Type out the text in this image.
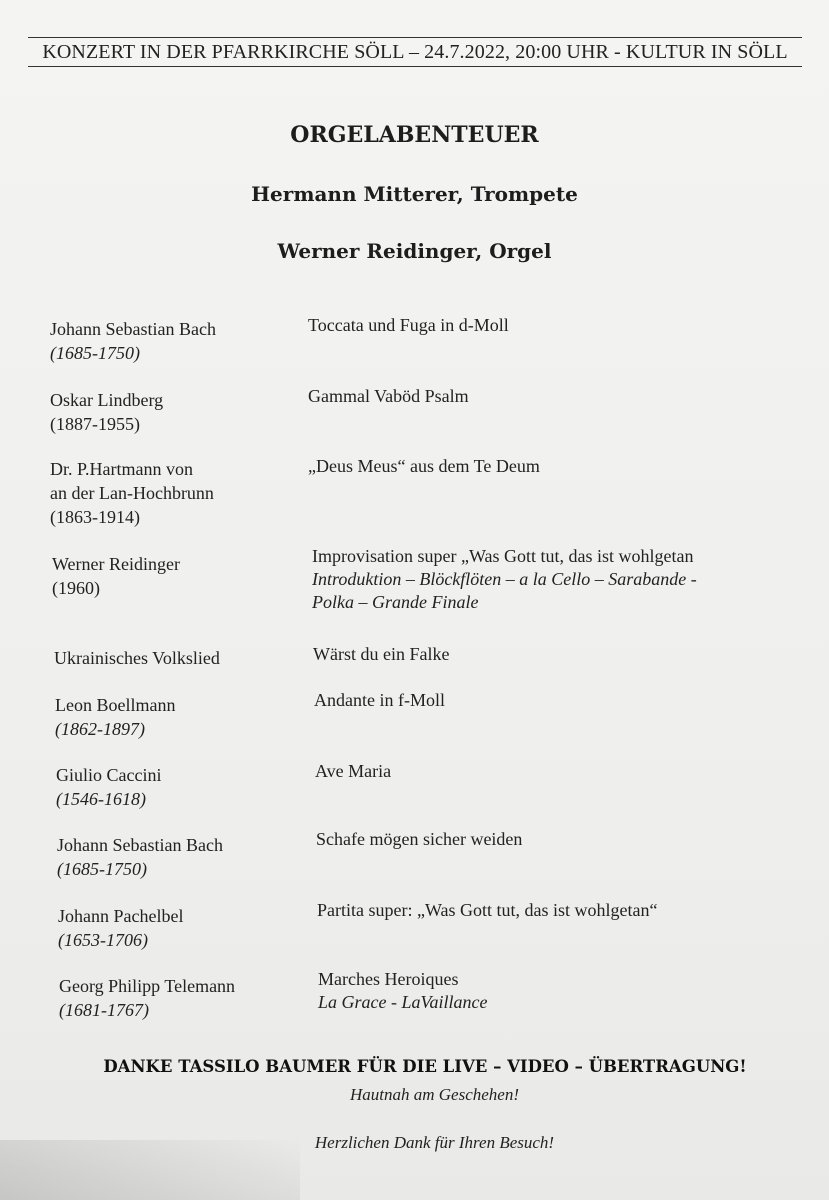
KONZERT IN DER PFARRKIRCHE SÖLL – 24.7.2022, 20:00 UHR - KULTUR IN SÖLL
ORGELABENTEUER
Hermann Mitterer, Trompete
Werner Reidinger, Orgel
Johann Sebastian Bach
(1685-1750)
Toccata und Fuga in d-Moll
Oskar Lindberg
(1887-1955)
Gammal Vaböd Psalm
Dr. P.Hartmann von
an der Lan-Hochbrunn
(1863-1914)
„Deus Meus“ aus dem Te Deum
Werner Reidinger
(1960)
Improvisation super „Was Gott tut, das ist wohlgetan
Introduktion – Blöckflöten – a la Cello – Sarabande -
Polka – Grande Finale
Ukrainisches Volkslied	Wärst du ein Falke
Leon Boellmann
(1862-1897)
Andante in f-Moll
Giulio Caccini
(1546-1618)
Ave Maria
Johann Sebastian Bach
(1685-1750)
Schafe mögen sicher weiden
Johann Pachelbel
(1653-1706)
Partita super: „Was Gott tut, das ist wohlgetan“
Georg Philipp Telemann
(1681-1767)
Marches Heroiques
La Grace - LaVaillance
DANKE TASSILO BAUMER FÜR DIE LIVE – VIDEO – ÜBERTRAGUNG!
Hautnah am Geschehen!
Herzlichen Dank für Ihren Besuch!
